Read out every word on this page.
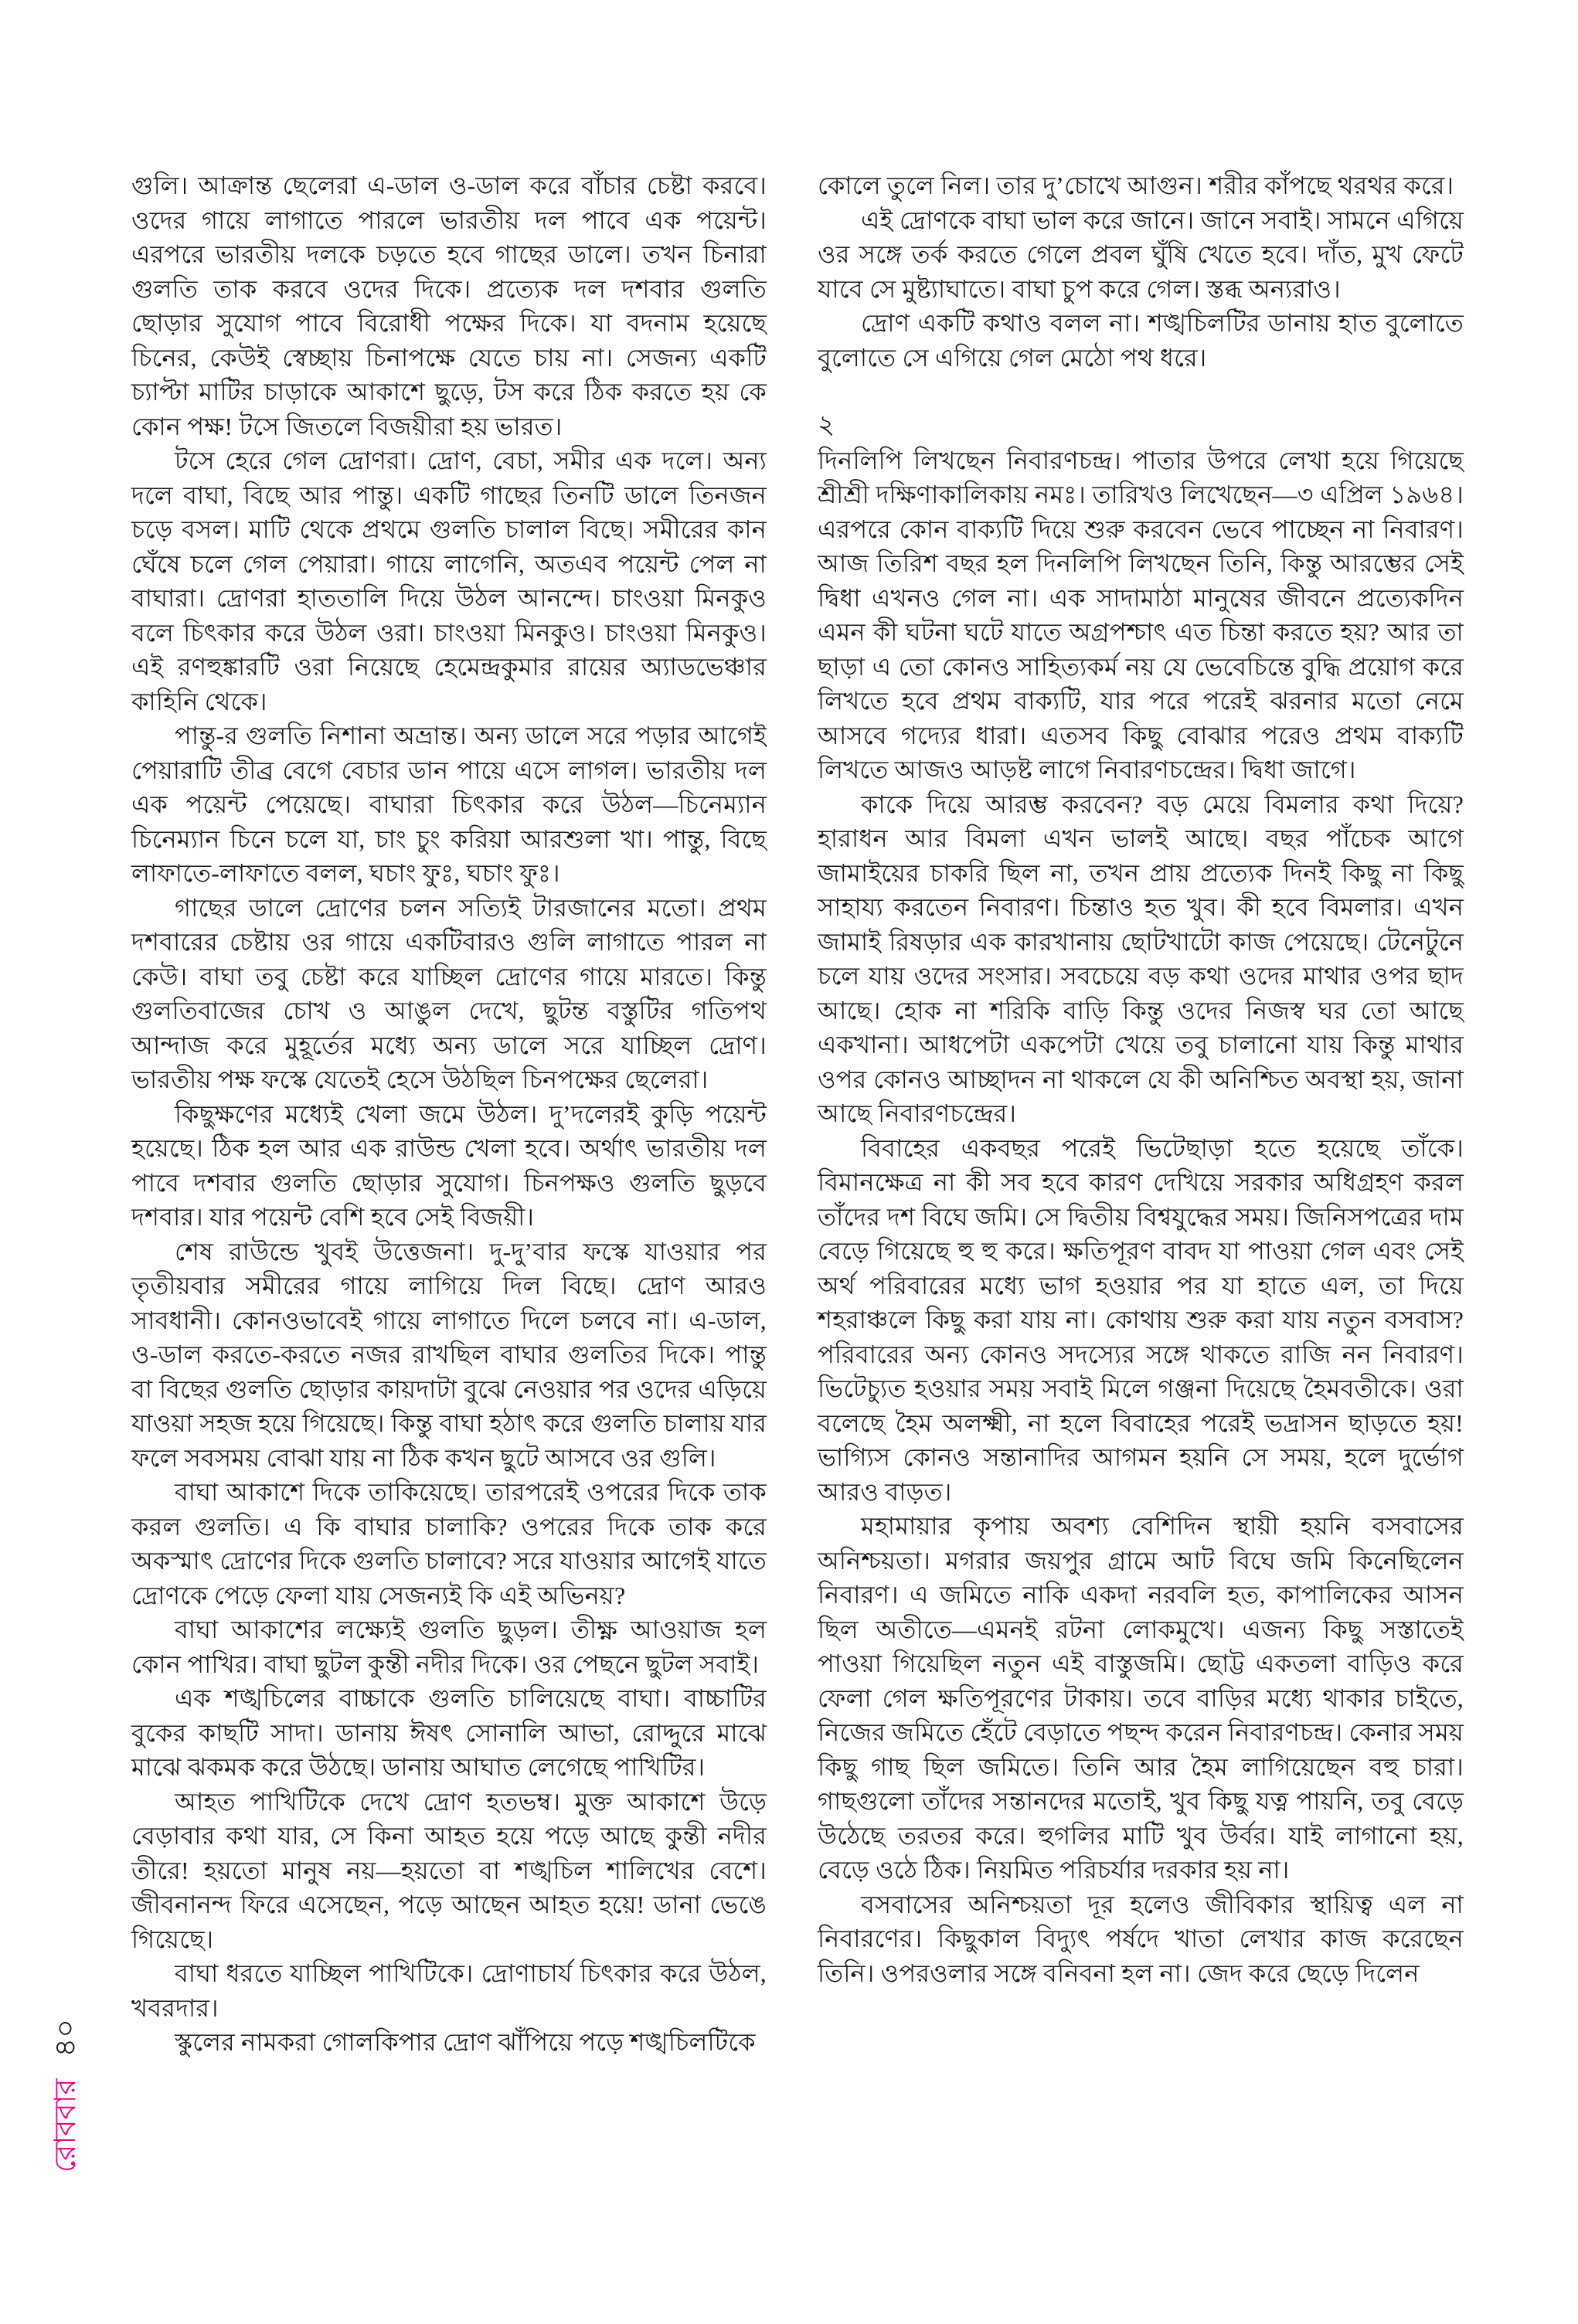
গুলি। আক্রান্ত ছেলেরা এ-ডাল ও-ডাল করে বাঁচার চেষ্টা করবে। ওদের গায়ে লাগাতে পারলে ভারতীয় দল পাবে এক পয়েন্ট। এরপরে ভারতীয় দলকে চড়তে হবে গাছের ডালে। তখন চিনারা গুলতি তাক করবে ওদের দিকে। প্রত্যেক দল দশবার গুলতি ছোড়ার সুযোগ পাবে বিরোধী পক্ষের দিকে। যা বদনাম হয়েছে চিনের, কেউই স্বেচ্ছায় চিনাপক্ষে যেতে চায় না। সেজন্য একটি চ্যাপ্টা মাটির চাড়াকে আকাশে ছুড়ে, টস করে ঠিক করতে হয় কে কোন পক্ষ! টসে জিতলে বিজয়ীরা হয় ভারত।

টসে হেরে গেল দ্রোণরা। দ্রোণ, বেচা, সমীর এক দলে। অন্য দলে বাঘা, বিছে আর পান্তু। একটি গাছের তিনটি ডালে তিনজন চড়ে বসল। মাটি থেকে প্রথমে গুলতি চালাল বিছে। সমীরের কান ঘেঁষে চলে গেল পেয়ারা। গায়ে লাগেনি, অতএব পয়েন্ট পেল না বাঘারা। দ্রোণরা হাততালি দিয়ে উঠল আনন্দে। চাংওয়া মিনকুও বলে চিৎকার করে উঠল ওরা। চাংওয়া মিনকুও। চাংওয়া মিনকুও। এই রণহুঙ্কারটি ওরা নিয়েছে হেমেন্দ্রকুমার রায়ের অ্যাডভেঞ্চার কাহিনি থেকে।

পান্তু-র গুলতি নিশানা অভ্রান্ত। অন্য ডালে সরে পড়ার আগেই পেয়ারাটি তীব্র বেগে বেচার ডান পায়ে এসে লাগল। ভারতীয় দল এক পয়েন্ট পেয়েছে। বাঘারা চিৎকার করে উঠল—চিনেম্যান চিনেম্যান চিনে চলে যা, চাং চুং করিয়া আরশুলা খা। পান্তু, বিছে লাফাতে-লাফাতে বলল, ঘচাং ফুঃ, ঘচাং ফুঃ।

গাছের ডালে দ্রোণের চলন সত্যিই টারজানের মতো। প্রথম দশবারের চেষ্টায় ওর গায়ে একটিবারও গুলি লাগাতে পারল না কেউ। বাঘা তবু চেষ্টা করে যাচ্ছিল দ্রোণের গায়ে মারতে। কিন্তু গুলতিবাজের চোখ ও আঙুল দেখে, ছুটন্ত বস্তুটির গতিপথ আন্দাজ করে মুহূর্তের মধ্যে অন্য ডালে সরে যাচ্ছিল দ্রোণ। ভারতীয় পক্ষ ফস্কে যেতেই হেসে উঠছিল চিনপক্ষের ছেলেরা।

কিছুক্ষণের মধ্যেই খেলা জমে উঠল। দু’দলেরই কুড়ি পয়েন্ট হয়েছে। ঠিক হল আর এক রাউন্ড খেলা হবে। অর্থাৎ ভারতীয় দল পাবে দশবার গুলতি ছোড়ার সুযোগ। চিনপক্ষও গুলতি ছুড়বে দশবার। যার পয়েন্ট বেশি হবে সেই বিজয়ী।

শেষ রাউন্ডে খুবই উত্তেজনা। দু-দু’বার ফস্কে যাওয়ার পর তৃতীয়বার সমীরের গায়ে লাগিয়ে দিল বিছে। দ্রোণ আরও সাবধানী। কোনওভাবেই গায়ে লাগাতে দিলে চলবে না। এ-ডাল, ও-ডাল করতে-করতে নজর রাখছিল বাঘার গুলতির দিকে। পান্তু বা বিছের গুলতি ছোড়ার কায়দাটা বুঝে নেওয়ার পর ওদের এড়িয়ে যাওয়া সহজ হয়ে গিয়েছে। কিন্তু বাঘা হঠাৎ করে গুলতি চালায় যার ফলে সবসময় বোঝা যায় না ঠিক কখন ছুটে আসবে ওর গুলি।

বাঘা আকাশে দিকে তাকিয়েছে। তারপরেই ওপরের দিকে তাক করল গুলতি। এ কি বাঘার চালাকি? ওপরের দিকে তাক করে অকস্মাৎ দ্রোণের দিকে গুলতি চালাবে? সরে যাওয়ার আগেই যাতে দ্রোণকে পেড়ে ফেলা যায় সেজন্যই কি এই অভিনয়?

বাঘা আকাশের লক্ষ্যেই গুলতি ছুড়ল। তীক্ষ্ণ আওয়াজ হল কোন পাখির। বাঘা ছুটল কুন্তী নদীর দিকে। ওর পেছনে ছুটল সবাই।

এক শঙ্খচিলের বাচ্চাকে গুলতি চালিয়েছে বাঘা। বাচ্চাটির বুকের কাছটি সাদা। ডানায় ঈষৎ সোনালি আভা, রোদ্দুরে মাঝে মাঝে ঝকমক করে উঠছে। ডানায় আঘাত লেগেছে পাখিটির।

আহত পাখিটিকে দেখে দ্রোণ হতভম্ব। মুক্ত আকাশে উড়ে বেড়াবার কথা যার, সে কিনা আহত হয়ে পড়ে আছে কুন্তী নদীর তীরে! হয়তো মানুষ নয়—হয়তো বা শঙ্খচিল শালিখের বেশে। জীবনানন্দ ফিরে এসেছেন, পড়ে আছেন আহত হয়ে! ডানা ভেঙে গিয়েছে।

বাঘা ধরতে যাচ্ছিল পাখিটিকে। দ্রোণাচার্য চিৎকার করে উঠল, খবরদার।

স্কুলের নামকরা গোলকিপার দ্রোণ ঝাঁপিয়ে পড়ে শঙ্খচিলটিকে

কোলে তুলে নিল। তার দু’চোখে আগুন। শরীর কাঁপছে থরথর করে।

এই দ্রোণকে বাঘা ভাল করে জানে। জানে সবাই। সামনে এগিয়ে ওর সঙ্গে তর্ক করতে গেলে প্রবল ঘুঁষি খেতে হবে। দাঁত, মুখ ফেটে যাবে সে মুষ্ট্যাঘাতে। বাঘা চুপ করে গেল। স্তব্ধ অন্যরাও।

দ্রোণ একটি কথাও বলল না। শঙ্খচিলটির ডানায় হাত বুলোতে বুলোতে সে এগিয়ে গেল মেঠো পথ ধরে।

২

দিনলিপি লিখছেন নিবারণচন্দ্র। পাতার উপরে লেখা হয়ে গিয়েছে শ্রীশ্রী দক্ষিণাকালিকায় নমঃ। তারিখও লিখেছেন—৩ এপ্রিল ১৯৬৪। এরপরে কোন বাক্যটি দিয়ে শুরু করবেন ভেবে পাচ্ছেন না নিবারণ। আজ তিরিশ বছর হল দিনলিপি লিখছেন তিনি, কিন্তু আরম্ভের সেই দ্বিধা এখনও গেল না। এক সাদামাঠা মানুষের জীবনে প্রত্যেকদিন এমন কী ঘটনা ঘটে যাতে অগ্রপশ্চাৎ এত চিন্তা করতে হয়? আর তা ছাড়া এ তো কোনও সাহিত্যকর্ম নয় যে ভেবেচিন্তে বুদ্ধি প্রয়োগ করে লিখতে হবে প্রথম বাক্যটি, যার পরে পরেই ঝরনার মতো নেমে আসবে গদ্যের ধারা। এতসব কিছু বোঝার পরেও প্রথম বাক্যটি লিখতে আজও আড়ষ্ট লাগে নিবারণচন্দ্রের। দ্বিধা জাগে।

কাকে দিয়ে আরম্ভ করবেন? বড় মেয়ে বিমলার কথা দিয়ে? হারাধন আর বিমলা এখন ভালই আছে। বছর পাঁচেক আগে জামাইয়ের চাকরি ছিল না, তখন প্রায় প্রত্যেক দিনই কিছু না কিছু সাহায্য করতেন নিবারণ। চিন্তাও হত খুব। কী হবে বিমলার। এখন জামাই রিষড়ার এক কারখানায় ছোটখাটো কাজ পেয়েছে। টেনেটুনে চলে যায় ওদের সংসার। সবচেয়ে বড় কথা ওদের মাথার ওপর ছাদ আছে। হোক না শরিকি বাড়ি কিন্তু ওদের নিজস্ব ঘর তো আছে একখানা। আধপেটা একপেটা খেয়ে তবু চালানো যায় কিন্তু মাথার ওপর কোনও আচ্ছাদন না থাকলে যে কী অনিশ্চিত অবস্থা হয়, জানা আছে নিবারণচন্দ্রের।

বিবাহের একবছর পরেই ভিটেছাড়া হতে হয়েছে তাঁকে। বিমানক্ষেত্র না কী সব হবে কারণ দেখিয়ে সরকার অধিগ্রহণ করল তাঁদের দশ বিঘে জমি। সে দ্বিতীয় বিশ্বযুদ্ধের সময়। জিনিসপত্রের দাম বেড়ে গিয়েছে হু হু করে। ক্ষতিপূরণ বাবদ যা পাওয়া গেল এবং সেই অর্থ পরিবারের মধ্যে ভাগ হওয়ার পর যা হাতে এল, তা দিয়ে শহরাঞ্চলে কিছু করা যায় না। কোথায় শুরু করা যায় নতুন বসবাস? পরিবারের অন্য কোনও সদস্যের সঙ্গে থাকতে রাজি নন নিবারণ। ভিটেচ্যুত হওয়ার সময় সবাই মিলে গঞ্জনা দিয়েছে হৈমবতীকে। ওরা বলেছে হৈম অলক্ষ্মী, না হলে বিবাহের পরেই ভদ্রাসন ছাড়তে হয়! ভাগ্যিস কোনও সন্তানাদির আগমন হয়নি সে সময়, হলে দুর্ভোগ আরও বাড়ত।

মহামায়ার কৃপায় অবশ্য বেশিদিন স্থায়ী হয়নি বসবাসের অনিশ্চয়তা। মগরার জয়পুর গ্রামে আট বিঘে জমি কিনেছিলেন নিবারণ। এ জমিতে নাকি একদা নরবলি হত, কাপালিকের আসন ছিল অতীতে—এমনই রটনা লোকমুখে। এজন্য কিছু সস্তাতেই পাওয়া গিয়েছিল নতুন এই বাস্তুজমি। ছোট্ট একতলা বাড়িও করে ফেলা গেল ক্ষতিপূরণের টাকায়। তবে বাড়ির মধ্যে থাকার চাইতে, নিজের জমিতে হেঁটে বেড়াতে পছন্দ করেন নিবারণচন্দ্র। কেনার সময় কিছু গাছ ছিল জমিতে। তিনি আর হৈম লাগিয়েছেন বহু চারা। গাছগুলো তাঁদের সন্তানদের মতোই, খুব কিছু যত্ন পায়নি, তবু বেড়ে উঠেছে তরতর করে। হুগলির মাটি খুব উর্বর। যাই লাগানো হয়, বেড়ে ওঠে ঠিক। নিয়মিত পরিচর্যার দরকার হয় না।

বসবাসের অনিশ্চয়তা দূর হলেও জীবিকার স্থায়িত্ব এল না নিবারণের। কিছুকাল বিদ্যুৎ পর্ষদে খাতা লেখার কাজ করেছেন তিনি। ওপরওলার সঙ্গে বনিবনা হল না। জেদ করে ছেড়ে দিলেন

রোববার৪০
